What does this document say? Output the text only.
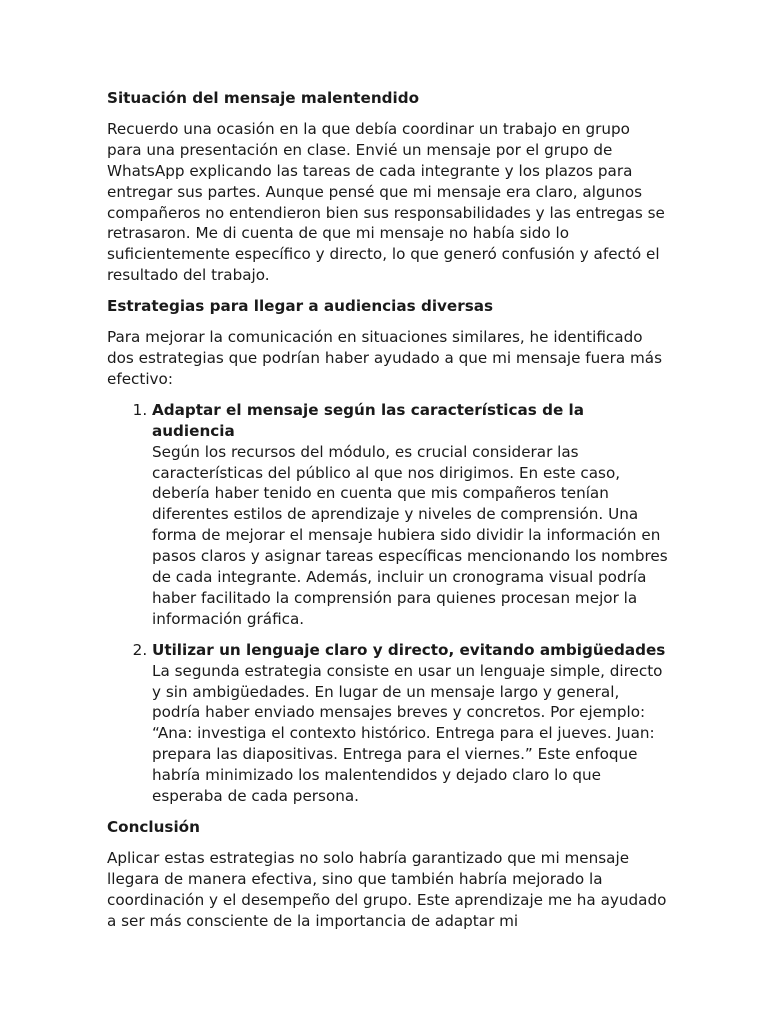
Situación del mensaje malentendido

Recuerdo una ocasión en la que debía coordinar un trabajo en grupo para una presentación en clase. Envié un mensaje por el grupo de WhatsApp explicando las tareas de cada integrante y los plazos para entregar sus partes. Aunque pensé que mi mensaje era claro, algunos compañeros no entendieron bien sus responsabilidades y las entregas se retrasaron. Me di cuenta de que mi mensaje no había sido lo suficientemente específico y directo, lo que generó confusión y afectó el resultado del trabajo.

Estrategias para llegar a audiencias diversas

Para mejorar la comunicación en situaciones similares, he identificado dos estrategias que podrían haber ayudado a que mi mensaje fuera más efectivo:

1. Adaptar el mensaje según las características de la audiencia
Según los recursos del módulo, es crucial considerar las características del público al que nos dirigimos. En este caso, debería haber tenido en cuenta que mis compañeros tenían diferentes estilos de aprendizaje y niveles de comprensión. Una forma de mejorar el mensaje hubiera sido dividir la información en pasos claros y asignar tareas específicas mencionando los nombres de cada integrante. Además, incluir un cronograma visual podría haber facilitado la comprensión para quienes procesan mejor la información gráfica.
2. Utilizar un lenguaje claro y directo, evitando ambigüedades
La segunda estrategia consiste en usar un lenguaje simple, directo y sin ambigüedades. En lugar de un mensaje largo y general, podría haber enviado mensajes breves y concretos. Por ejemplo: “Ana: investiga el contexto histórico. Entrega para el jueves. Juan: prepara las diapositivas. Entrega para el viernes.” Este enfoque habría minimizado los malentendidos y dejado claro lo que esperaba de cada persona.
Conclusión

Aplicar estas estrategias no solo habría garantizado que mi mensaje llegara de manera efectiva, sino que también habría mejorado la coordinación y el desempeño del grupo. Este aprendizaje me ha ayudado a ser más consciente de la importancia de adaptar mi
